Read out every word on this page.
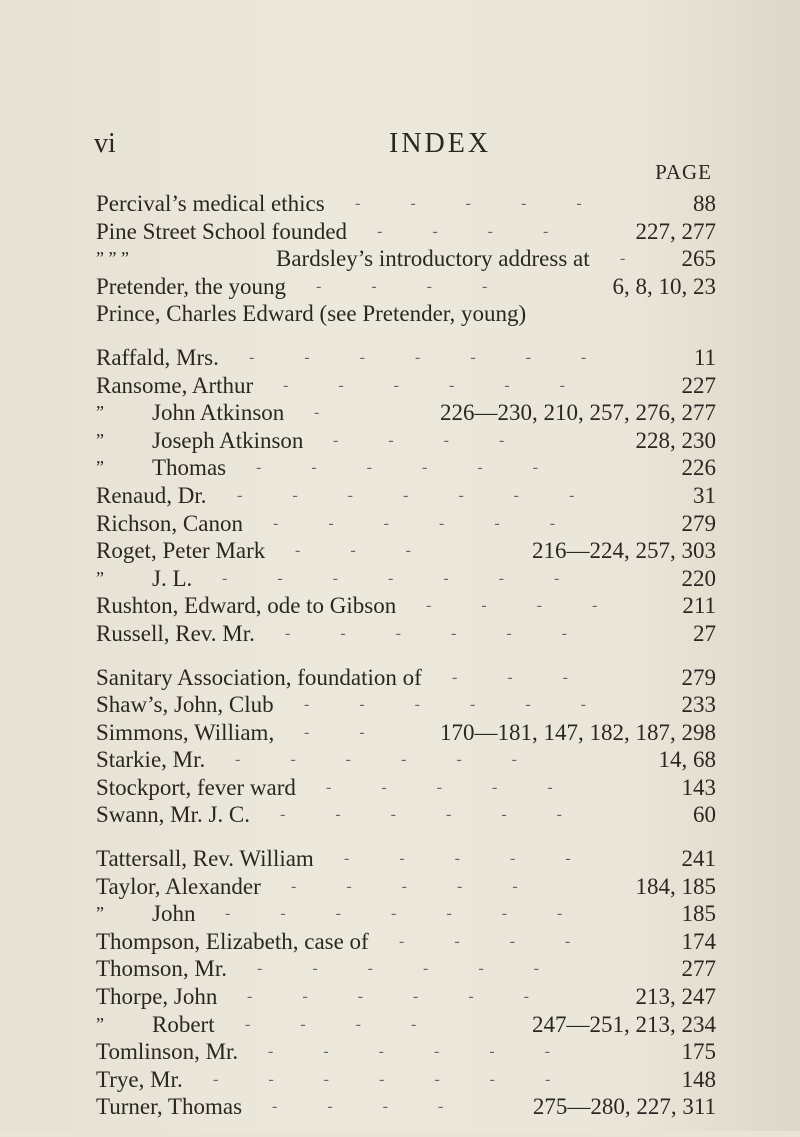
vi	INDEX
PAGE
Percival’s medical ethics	88
-----
Pine Street School founded	227, 277
----
” ” ”	Bardsley’s introductory address at	265
-
Pretender, the young	6, 8, 10, 23
----
Prince, Charles Edward (see Pretender, young)
Raffald, Mrs.	11
-------
Ransome, Arthur	227
------
” John Atkinson	226—230, 210, 257, 276, 277
-
” Joseph Atkinson	228, 230
----
” Thomas	226
------
Renaud, Dr.	31
-------
Richson, Canon	279
------
Roget, Peter Mark	216—224, 257, 303
---
” J. L.	220
-------
Rushton, Edward, ode to Gibson	211
----
Russell, Rev. Mr.	27
------
Sanitary Association, foundation of	279
---
Shaw’s, John, Club	233
------
Simmons, William,	170—181, 147, 182, 187, 298
--
Starkie, Mr.	14, 68
------
Stockport, fever ward	143
-----
Swann, Mr. J. C.	60
------
Tattersall, Rev. William	241
-----
Taylor, Alexander	184, 185
-----
” John	185
-------
Thompson, Elizabeth, case of	174
----
Thomson, Mr.	277
------
Thorpe, John	213, 247
------
” Robert	247—251, 213, 234
----
Tomlinson, Mr.	175
------
Trye, Mr.	148
-------
Turner, Thomas	275—280, 227, 311
----
